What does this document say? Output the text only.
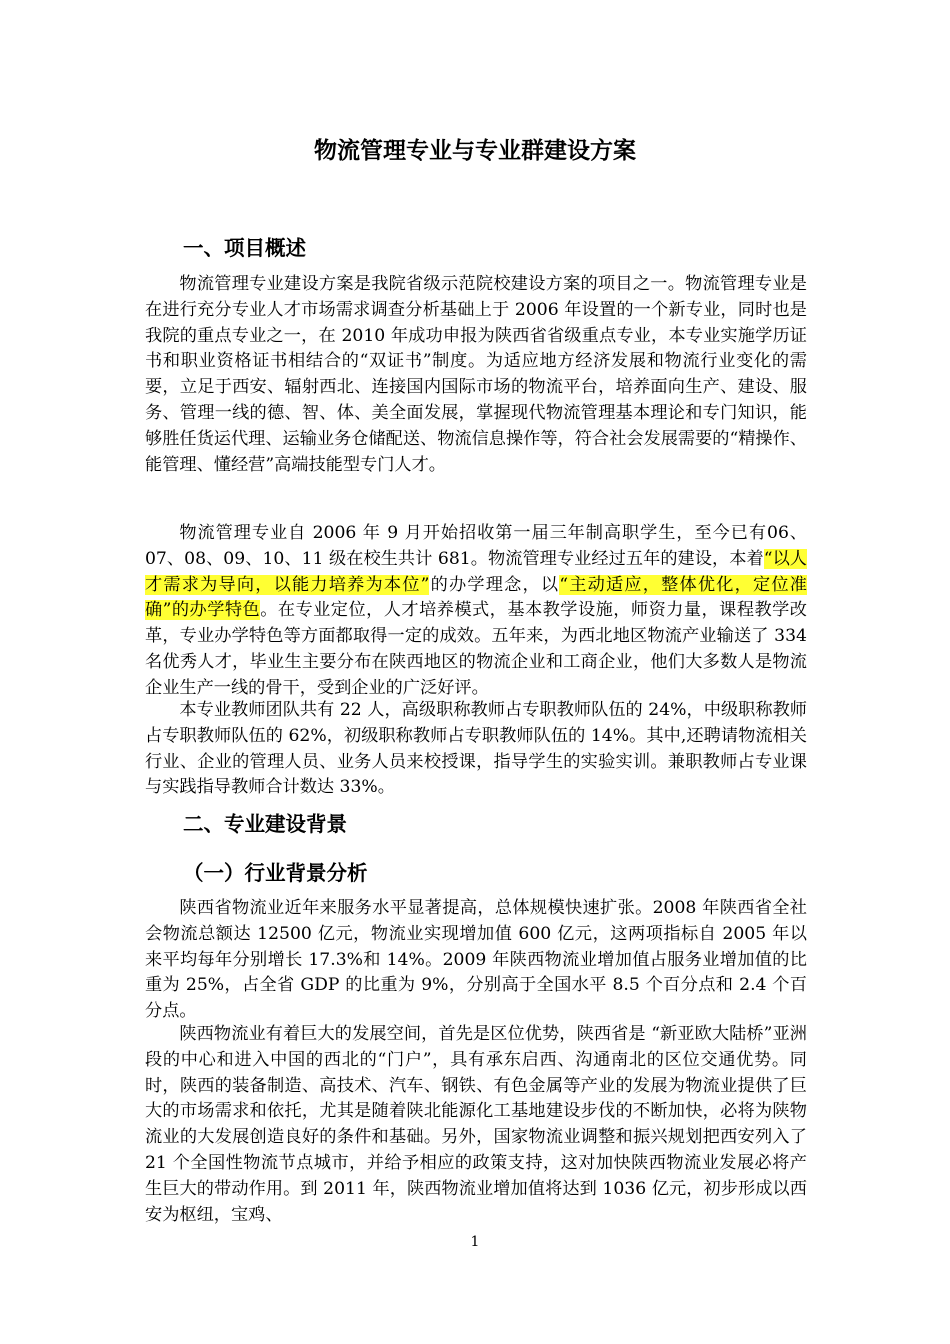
物流管理专业与专业群建设方案
一、项目概述

物流管理专业建设方案是我院省级示范院校建设方案的项目之一。物流管理专业是在进行充分专业人才市场需求调查分析基础上于 2006 年设置的一个新专业，同时也是我院的重点专业之一，在 2010 年成功申报为陕西省省级重点专业，本专业实施学历证书和职业资格证书相结合的“双证书”制度。为适应地方经济发展和物流行业变化的需要，立足于西安、辐射西北、连接国内国际市场的物流平台，培养面向生产、建设、服务、管理一线的德、智、体、美全面发展，掌握现代物流管理基本理论和专门知识，能够胜任货运代理、运输业务仓储配送、物流信息操作等，符合社会发展需要的“精操作、能管理、懂经营”高端技能型专门人才。

物流管理专业自 2006 年 9 月开始招收第一届三年制高职学生，至今已有06、07、08、09、10、11 级在校生共计 681。物流管理专业经过五年的建设，本着“以人才需求为导向，以能力培养为本位”的办学理念，以“主动适应，整体优化，定位准确”的办学特色。在专业定位，人才培养模式，基本教学设施，师资力量，课程教学改革，专业办学特色等方面都取得一定的成效。五年来，为西北地区物流产业输送了 334 名优秀人才，毕业生主要分布在陕西地区的物流企业和工商企业，他们大多数人是物流企业生产一线的骨干，受到企业的广泛好评。

本专业教师团队共有 22 人，高级职称教师占专职教师队伍的 24%，中级职称教师占专职教师队伍的 62%，初级职称教师占专职教师队伍的 14%。其中,还聘请物流相关行业、企业的管理人员、业务人员来校授课，指导学生的实验实训。兼职教师占专业课与实践指导教师合计数达 33%。

二、专业建设背景
（一）行业背景分析

陕西省物流业近年来服务水平显著提高，总体规模快速扩张。2008 年陕西省全社会物流总额达 12500 亿元，物流业实现增加值 600 亿元，这两项指标自 2005 年以来平均每年分别增长 17.3%和 14%。2009 年陕西物流业增加值占服务业增加值的比重为 25%，占全省 GDP 的比重为 9%，分别高于全国水平 8.5 个百分点和 2.4 个百分点。

陕西物流业有着巨大的发展空间，首先是区位优势，陕西省是 “新亚欧大陆桥”亚洲段的中心和进入中国的西北的“门户”，具有承东启西、沟通南北的区位交通优势。同时，陕西的装备制造、高技术、汽车、钢铁、有色金属等产业的发展为物流业提供了巨大的市场需求和依托，尤其是随着陕北能源化工基地建设步伐的不断加快，必将为陕物流业的大发展创造良好的条件和基础。另外，国家物流业调整和振兴规划把西安列入了 21 个全国性物流节点城市，并给予相应的政策支持，这对加快陕西物流业发展必将产生巨大的带动作用。到 2011 年，陕西物流业增加值将达到 1036 亿元，初步形成以西安为枢纽，宝鸡、

1
